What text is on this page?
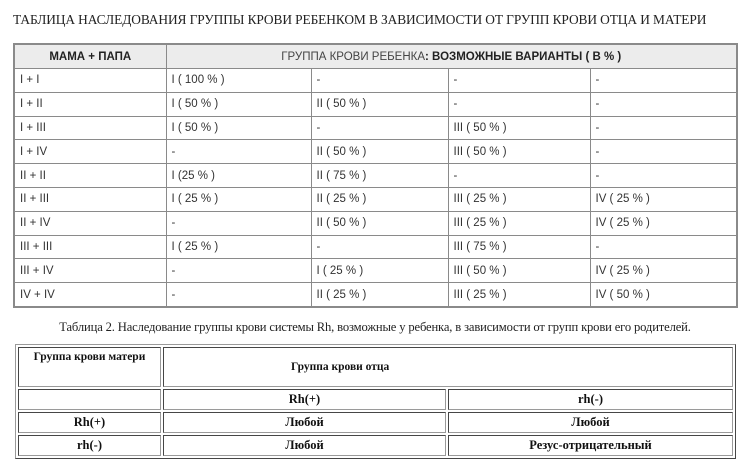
ТАБЛИЦА НАСЛЕДОВАНИЯ ГРУППЫ КРОВИ РЕБЕНКОМ В ЗАВИСИМОСТИ ОТ ГРУПП КРОВИ ОТЦА И МАТЕРИ
МАМА + ПАПА	ГРУППА КРОВИ РЕБЕНКА: ВОЗМОЖНЫЕ ВАРИАНТЫ ( В % )			
I + I	I ( 100 % )	-	-	-
I + II	I ( 50 % )	II ( 50 % )	-	-
I + III	I ( 50 % )	-	III ( 50 % )	-
I + IV	-	II ( 50 % )	III ( 50 % )	-
II + II	I (25 % )	II ( 75 % )	-	-
II + III	I ( 25 % )	II ( 25 % )	III ( 25 % )	IV ( 25 % )
II + IV	-	II ( 50 % )	III ( 25 % )	IV ( 25 % )
III + III	I ( 25 % )	-	III ( 75 % )	-
III + IV	-	I ( 25 % )	III ( 50 % )	IV ( 25 % )
IV + IV	-	II ( 25 % )	III ( 25 % )	IV ( 50 % )
Таблица 2. Наследование группы крови системы Rh, возможные у ребенка, в зависимости от групп крови его родителей.
Группа крови матери	Группа крови отца	
	Rh(+)	rh(-)
Rh(+)	Любой	Любой
rh(-)	Любой	Резус-отрицательный
